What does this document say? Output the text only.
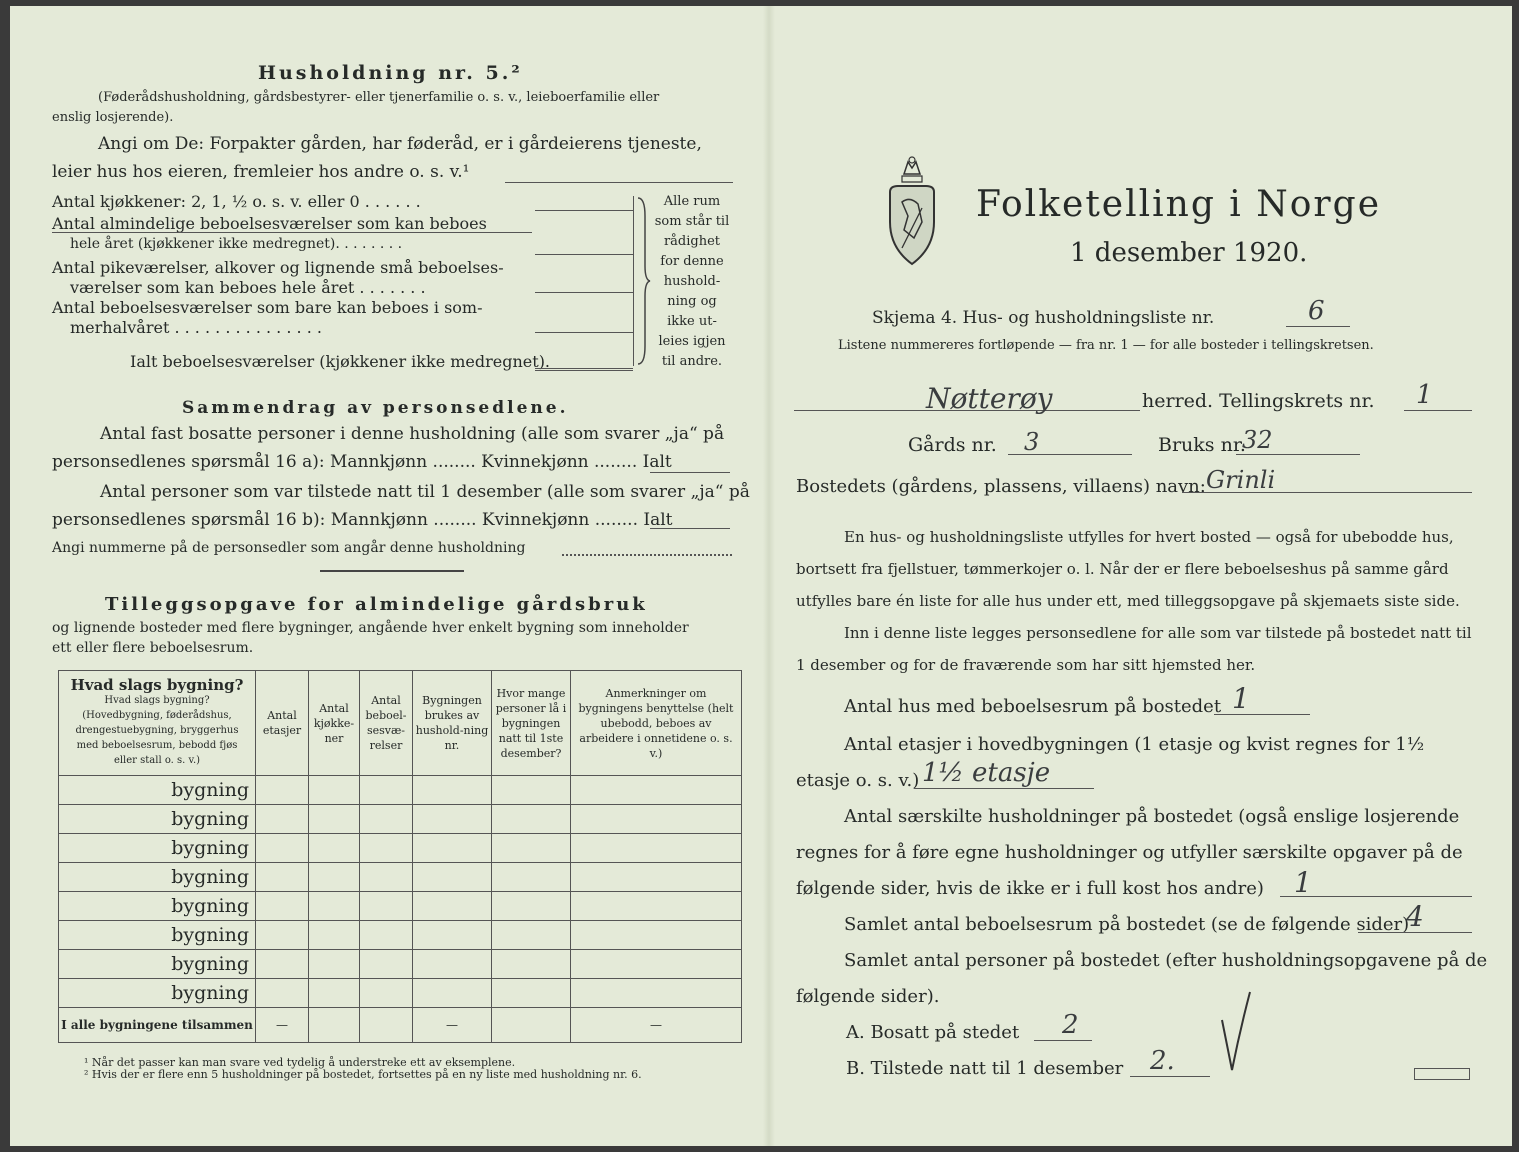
Husholdning nr. 5.²
(Føderådshusholdning, gårdsbestyrer- eller tjenerfamilie o. s. v., leieboerfamilie eller
enslig losjerende).
Angi om De: Forpakter gården, har føderåd, er i gårdeierens tjeneste,
leier hus hos eieren, fremleier hos andre o. s. v.¹
Antal kjøkkener: 2, 1, ½ o. s. v. eller 0 . . . . . .
Antal almindelige beboelsesværelser som kan beboes
hele året (kjøkkener ikke medregnet). . . . . . . .
Antal pikeværelser, alkover og lignende små beboelses-
værelser som kan beboes hele året . . . . . . .
Antal beboelsesværelser som bare kan beboes i som-
merhalvåret . . . . . . . . . . . . . . .
Ialt beboelsesværelser (kjøkkener ikke medregnet).
Alle rum
som står til
rådighet
for denne
hushold-
ning og
ikke ut-
leies igjen
til andre.
Sammendrag av personsedlene.
Antal fast bosatte personer i denne husholdning (alle som svarer „ja“ på
personsedlenes spørsmål 16 a): Mannkjønn ........ Kvinnekjønn ........ Ialt
Antal personer som var tilstede natt til 1 desember (alle som svarer „ja“ på
personsedlenes spørsmål 16 b): Mannkjønn ........ Kvinnekjønn ........ Ialt
Angi nummerne på de personsedler som angår denne husholdning
Tilleggsopgave for almindelige gårdsbruk
og lignende bosteder med flere bygninger, angående hver enkelt bygning som inneholder
ett eller flere beboelsesrum.
Hvad slags bygning?
Hvad slags bygning? (Hovedbygning, føderådshus, drengestuebygning, bryggerhus med beboelsesrum, bebodd fjøs eller stall o. s. v.)	Antal etasjer	Antal kjøkke-ner	Antal beboel-sesvæ-relser	Bygningen brukes av hushold-ning nr.	Hvor mange personer lå i bygningen natt til 1ste desember?	Anmerkninger om bygningens benyttelse (helt ubebodd, beboes av arbeidere i onnetidene o. s. v.)
bygning						
bygning						
bygning						
bygning						
bygning						
bygning						
bygning						
bygning						
I alle bygningene tilsammen	—			—		—
¹ Når det passer kan man svare ved tydelig å understreke ett av eksemplene.
² Hvis der er flere enn 5 husholdninger på bostedet, fortsettes på en ny liste med husholdning nr. 6.
Folketelling i Norge
1 desember 1920.
Skjema 4. Hus- og husholdningsliste nr.	6
Listene nummereres fortløpende — fra nr. 1 — for alle bosteder i tellingskretsen.
Nøtterøy	herred. Tellingskrets nr. 1
Gårds nr. 3	Bruks nr.
32
Bostedets (gårdens, plassens, villaens) navn: Grinli
En hus- og husholdningsliste utfylles for hvert bosted — også for ubebodde hus,
bortsett fra fjellstuer, tømmerkojer o. l. Når der er flere beboelseshus på samme gård
utfylles bare én liste for alle hus under ett, med tilleggsopgave på skjemaets siste side.
Inn i denne liste legges personsedlene for alle som var tilstede på bostedet natt til
1 desember og for de fraværende som har sitt hjemsted her.
Antal hus med beboelsesrum på bostedet 1
Antal etasjer i hovedbygningen (1 etasje og kvist regnes for 1½
etasje o. s. v.) 1½ etasje
Antal særskilte husholdninger på bostedet (også enslige losjerende
regnes for å føre egne husholdninger og utfyller særskilte opgaver på de
følgende sider, hvis de ikke er i full kost hos andre) 1
Samlet antal beboelsesrum på bostedet (se de følgende sider)
4
Samlet antal personer på bostedet (efter husholdningsopgavene på de
følgende sider).
A. Bosatt på stedet 2
B. Tilstede natt til 1 desember 2.
